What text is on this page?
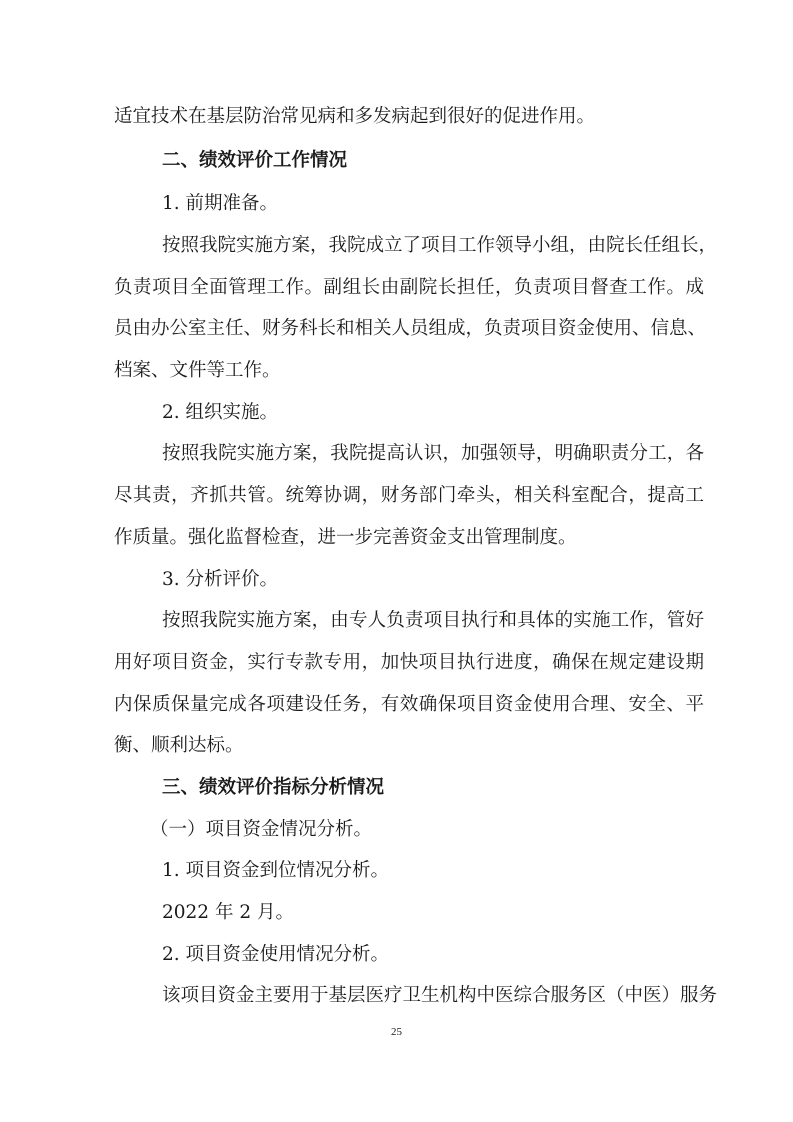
适宜技术在基层防治常见病和多发病起到很好的促进作用。
二、绩效评价工作情况
1. 前期准备。
按照我院实施方案，我院成立了项目工作领导小组，由院长任组长，
负责项目全面管理工作。副组长由副院长担任，负责项目督查工作。成
员由办公室主任、财务科长和相关人员组成，负责项目资金使用、信息、
档案、文件等工作。
2. 组织实施。
按照我院实施方案，我院提高认识，加强领导，明确职责分工，各
尽其责，齐抓共管。统筹协调，财务部门牵头，相关科室配合，提高工
作质量。强化监督检查，进一步完善资金支出管理制度。
3. 分析评价。
按照我院实施方案，由专人负责项目执行和具体的实施工作，管好
用好项目资金，实行专款专用，加快项目执行进度，确保在规定建设期
内保质保量完成各项建设任务，有效确保项目资金使用合理、安全、平
衡、顺利达标。
三、绩效评价指标分析情况
（一）项目资金情况分析。
1. 项目资金到位情况分析。
2022 年 2 月。
2. 项目资金使用情况分析。
该项目资金主要用于基层医疗卫生机构中医综合服务区（中医）服务
25
